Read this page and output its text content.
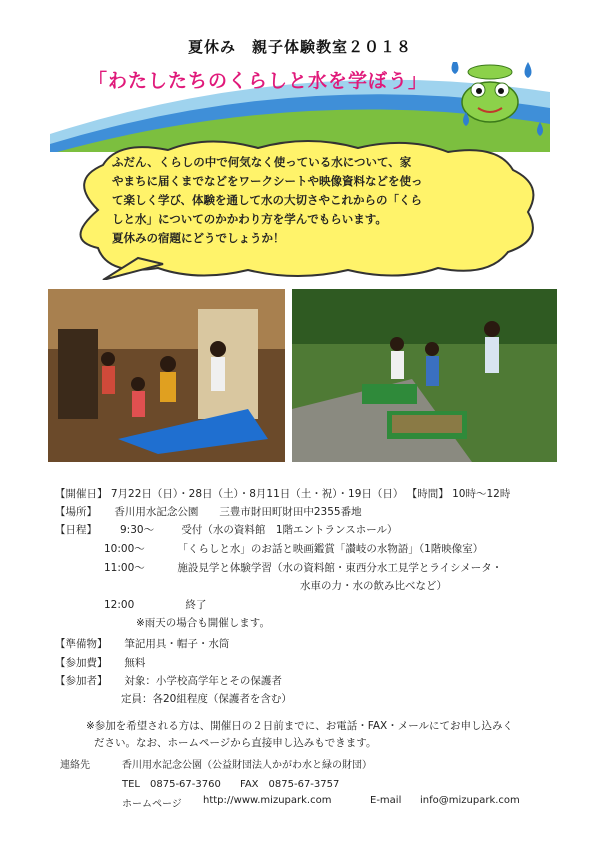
夏休み　親子体験教室２０１８
「わたしたちのくらしと水を学ぼう」

ふだん、くらしの中で何気なく使っている水について、家

やまちに届くまでなどをワークシートや映像資料などを使っ

て楽しく学び、体験を通して水の大切さやこれからの「くら

しと水」についてのかかわり方を学んでもらいます。

夏休みの宿題にどうでしょうか！

【開催日】 7月22日（日）・28日（土）・8月11日（土・祝）・19日（日） 【時間】 10時～12時
【場所】 香川用水記念公園　　三豊市財田町財田中2355番地
【日程】	9:30～	受付（水の資料館　1階エントランスホール）
10:00～	「くらしと水」のお話と映画鑑賞「讃岐の水物語」（1階映像室）
11:00～	施設見学と体験学習（水の資料館・東西分水工見学とライシメータ・
水車の力・水の飲み比べなど）
12:00	終了
※雨天の場合も開催します。
【準備物】 筆記用具・帽子・水筒
【参加費】 無料
【参加者】 対象：小学校高学年とその保護者
定員：各20組程度（保護者を含む）
※参加を希望される方は、開催日の２日前までに、お電話・FAX・メールにてお申し込みく
ださい。なお、ホームページから直接申し込みもできます。
連絡先	香川用水記念公園（公益財団法人かがわ水と緑の財団）
TEL　0875-67-3760 FAX　0875-67-3757
ホームページ http://www.mizupark.com	E-mail info@mizupark.com
